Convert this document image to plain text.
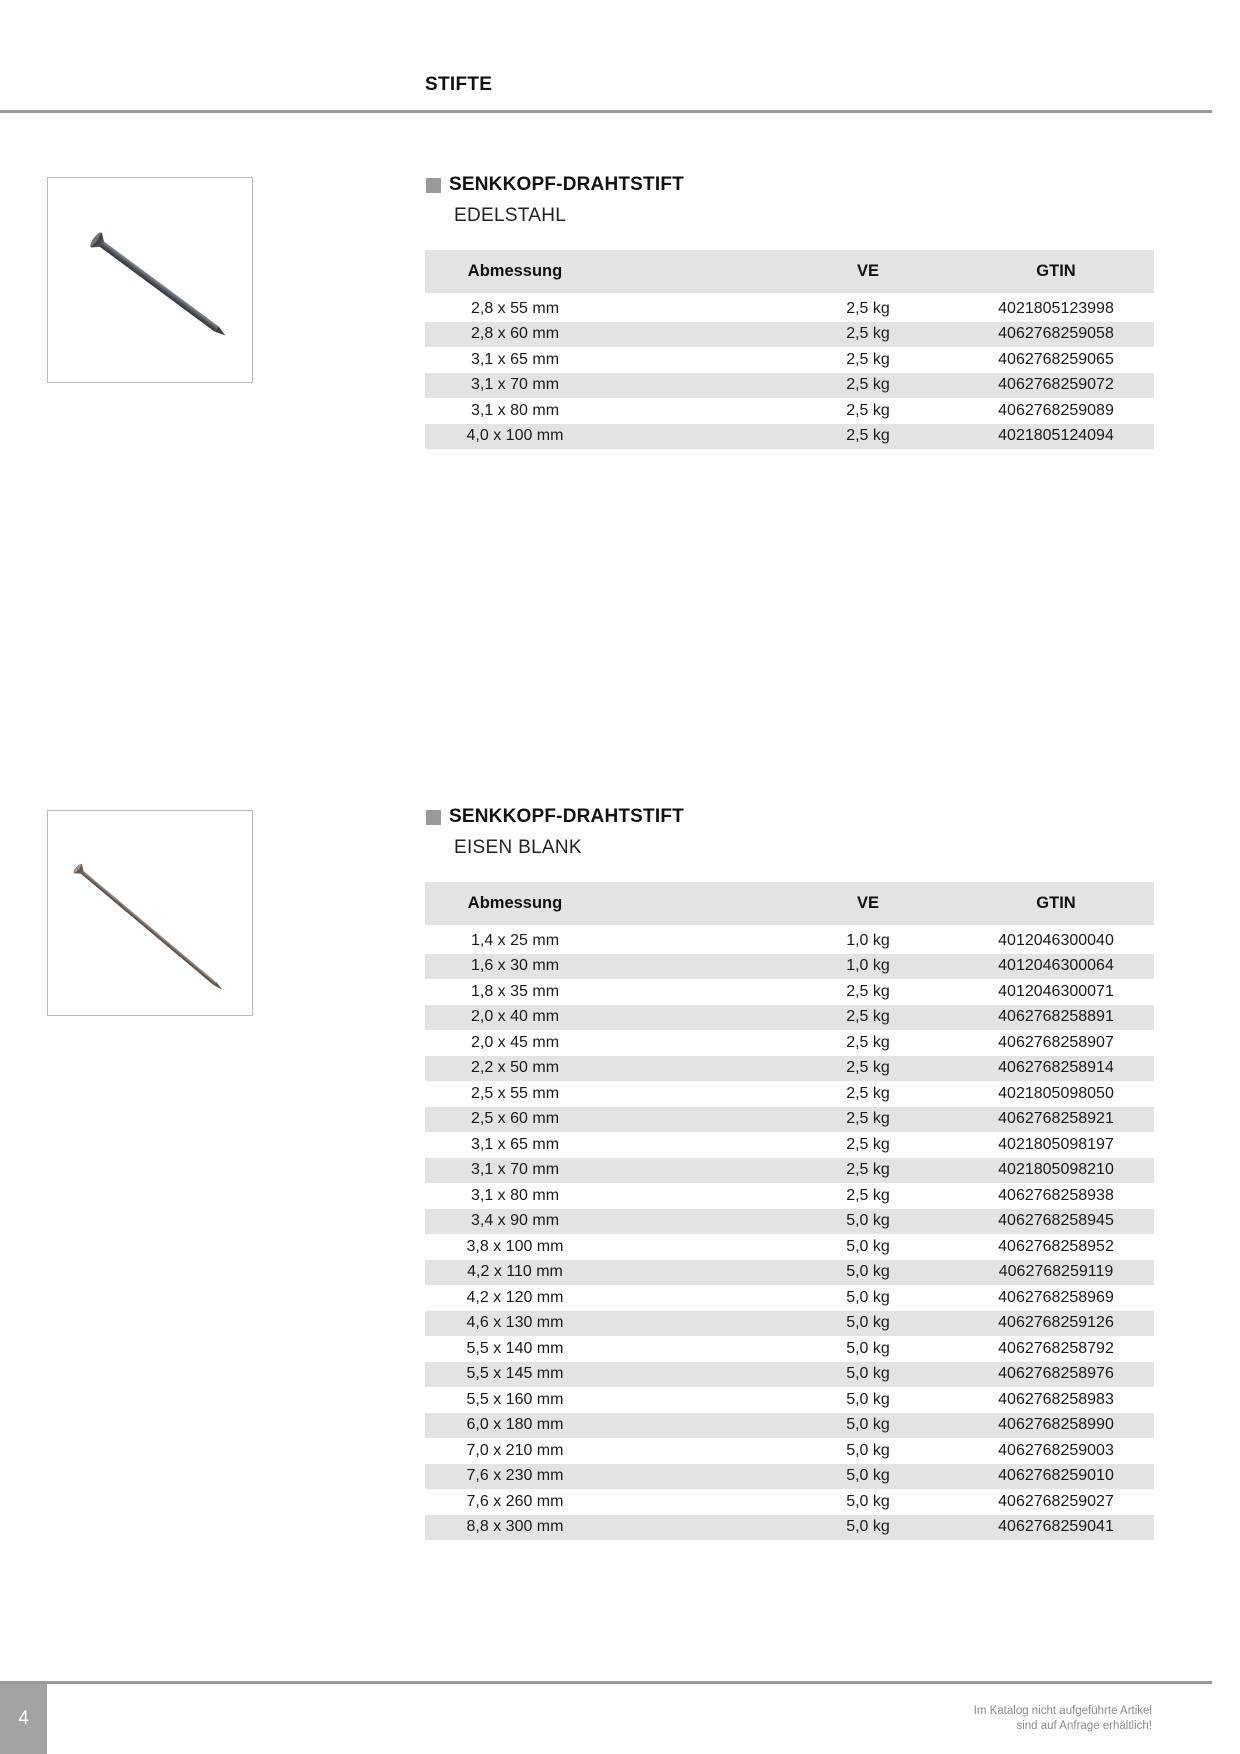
STIFTE
SENKKOPF-DRAHTSTIFT
EDELSTAHL
Abmessung		VE	GTIN

2,8 x 55 mm		2,5 kg	4021805123998
2,8 x 60 mm		2,5 kg	4062768259058
3,1 x 65 mm		2,5 kg	4062768259065
3,1 x 70 mm		2,5 kg	4062768259072
3,1 x 80 mm		2,5 kg	4062768259089
4,0 x 100 mm		2,5 kg	4021805124094
SENKKOPF-DRAHTSTIFT
EISEN BLANK
Abmessung		VE	GTIN

1,4 x 25 mm		1,0 kg	4012046300040
1,6 x 30 mm		1,0 kg	4012046300064
1,8 x 35 mm		2,5 kg	4012046300071
2,0 x 40 mm		2,5 kg	4062768258891
2,0 x 45 mm		2,5 kg	4062768258907
2,2 x 50 mm		2,5 kg	4062768258914
2,5 x 55 mm		2,5 kg	4021805098050
2,5 x 60 mm		2,5 kg	4062768258921
3,1 x 65 mm		2,5 kg	4021805098197
3,1 x 70 mm		2,5 kg	4021805098210
3,1 x 80 mm		2,5 kg	4062768258938
3,4 x 90 mm		5,0 kg	4062768258945
3,8 x 100 mm		5,0 kg	4062768258952
4,2 x 110 mm		5,0 kg	4062768259119
4,2 x 120 mm		5,0 kg	4062768258969
4,6 x 130 mm		5,0 kg	4062768259126
5,5 x 140 mm		5,0 kg	4062768258792
5,5 x 145 mm		5,0 kg	4062768258976
5,5 x 160 mm		5,0 kg	4062768258983
6,0 x 180 mm		5,0 kg	4062768258990
7,0 x 210 mm		5,0 kg	4062768259003
7,6 x 230 mm		5,0 kg	4062768259010
7,6 x 260 mm		5,0 kg	4062768259027
8,8 x 300 mm		5,0 kg	4062768259041
4	Im Katalog nicht aufgeführte Artikel
sind auf Anfrage erhältlich!
